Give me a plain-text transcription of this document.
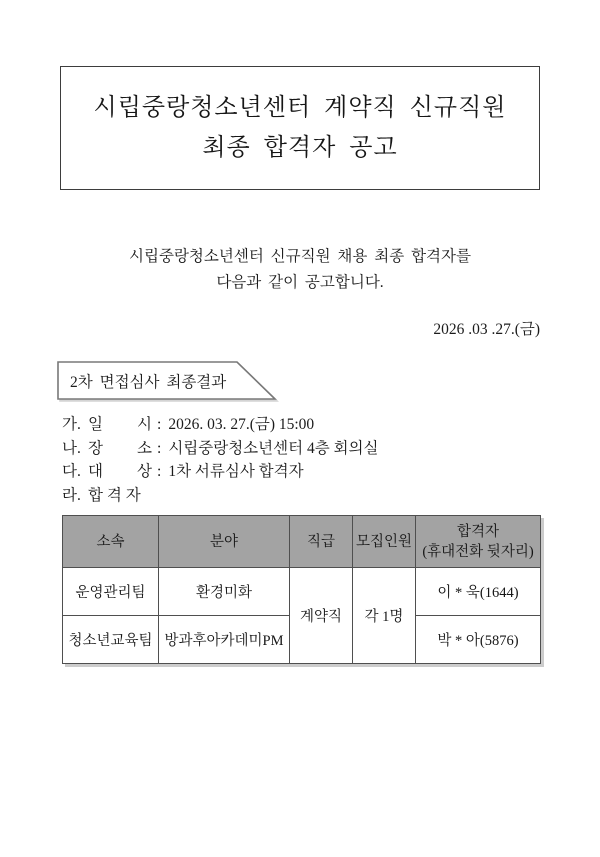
시립중랑청소년센터 계약직 신규직원
최종 합격자 공고
시립중랑청소년센터 신규직원 채용 최종 합격자를
다음과 같이 공고합니다.
2026 .03 .27.(금)
2차 면접심사 최종결과
가. 일 시 : 2026. 03. 27.(금) 15:00
나. 장 소 : 시립중랑청소년센터 4층 회의실
다. 대 상 : 1차 서류심사 합격자
라. 합 격 자
소속	분야	직급	모집인원	합격자
(휴대전화 뒷자리)

운영관리팀	환경미화	계약직	각 1명	이 * 욱(1644)
청소년교육팀	방과후아카데미PM			박 * 아(5876)
